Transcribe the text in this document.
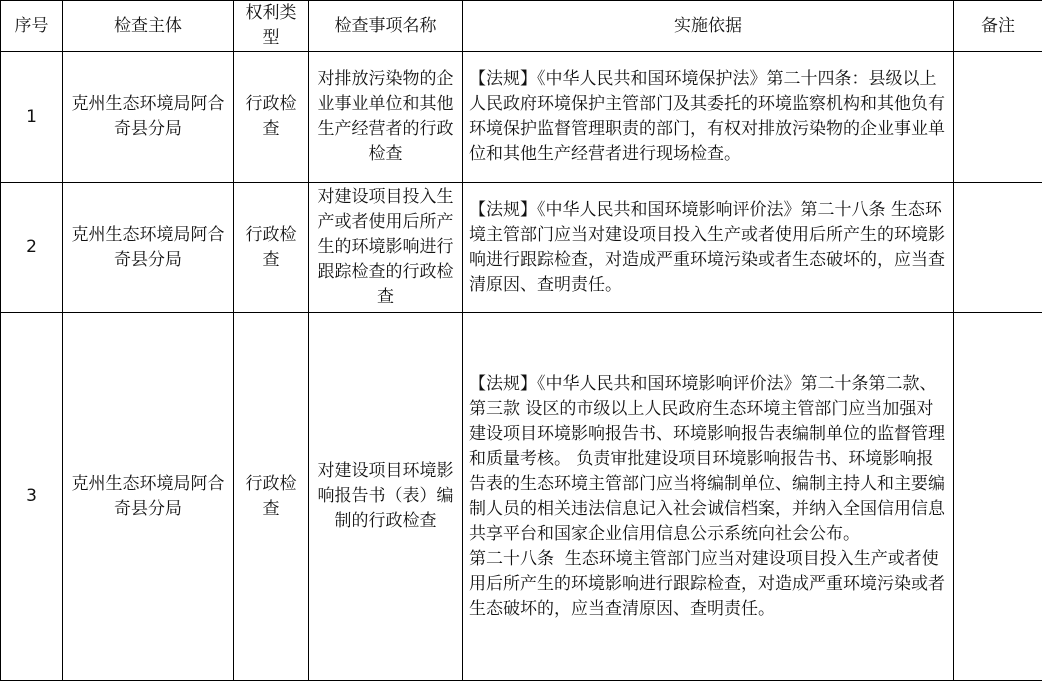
序号	检查主体	权利类型	检查事项名称	实施依据	备注
1	克州生态环境局阿合奇县分局	行政检查	对排放污染物的企业事业单位和其他生产经营者的行政检查	【法规】《中华人民共和国环境保护法》第二十四条：县级以上人民政府环境保护主管部门及其委托的环境监察机构和其他负有环境保护监督管理职责的部门，有权对排放污染物的企业事业单位和其他生产经营者进行现场检查。	
2	克州生态环境局阿合奇县分局	行政检查	对建设项目投入生产或者使用后所产生的环境影响进行跟踪检查的行政检查	【法规】《中华人民共和国环境影响评价法》第二十八条 生态环境主管部门应当对建设项目投入生产或者使用后所产生的环境影响进行跟踪检查，对造成严重环境污染或者生态破坏的，应当查清原因、查明责任。	
3	克州生态环境局阿合奇县分局	行政检查	对建设项目环境影响报告书（表）编制的行政检查	【法规】《中华人民共和国环境影响评价法》第二十条第二款、第三款 设区的市级以上人民政府生态环境主管部门应当加强对建设项目环境影响报告书、环境影响报告表编制单位的监督管理和质量考核。 负责审批建设项目环境影响报告书、环境影响报告表的生态环境主管部门应当将编制单位、编制主持人和主要编制人员的相关违法信息记入社会诚信档案，并纳入全国信用信息共享平台和国家企业信用信息公示系统向社会公布。
第二十八条  生态环境主管部门应当对建设项目投入生产或者使用后所产生的环境影响进行跟踪检查，对造成严重环境污染或者生态破坏的，应当查清原因、查明责任。	
